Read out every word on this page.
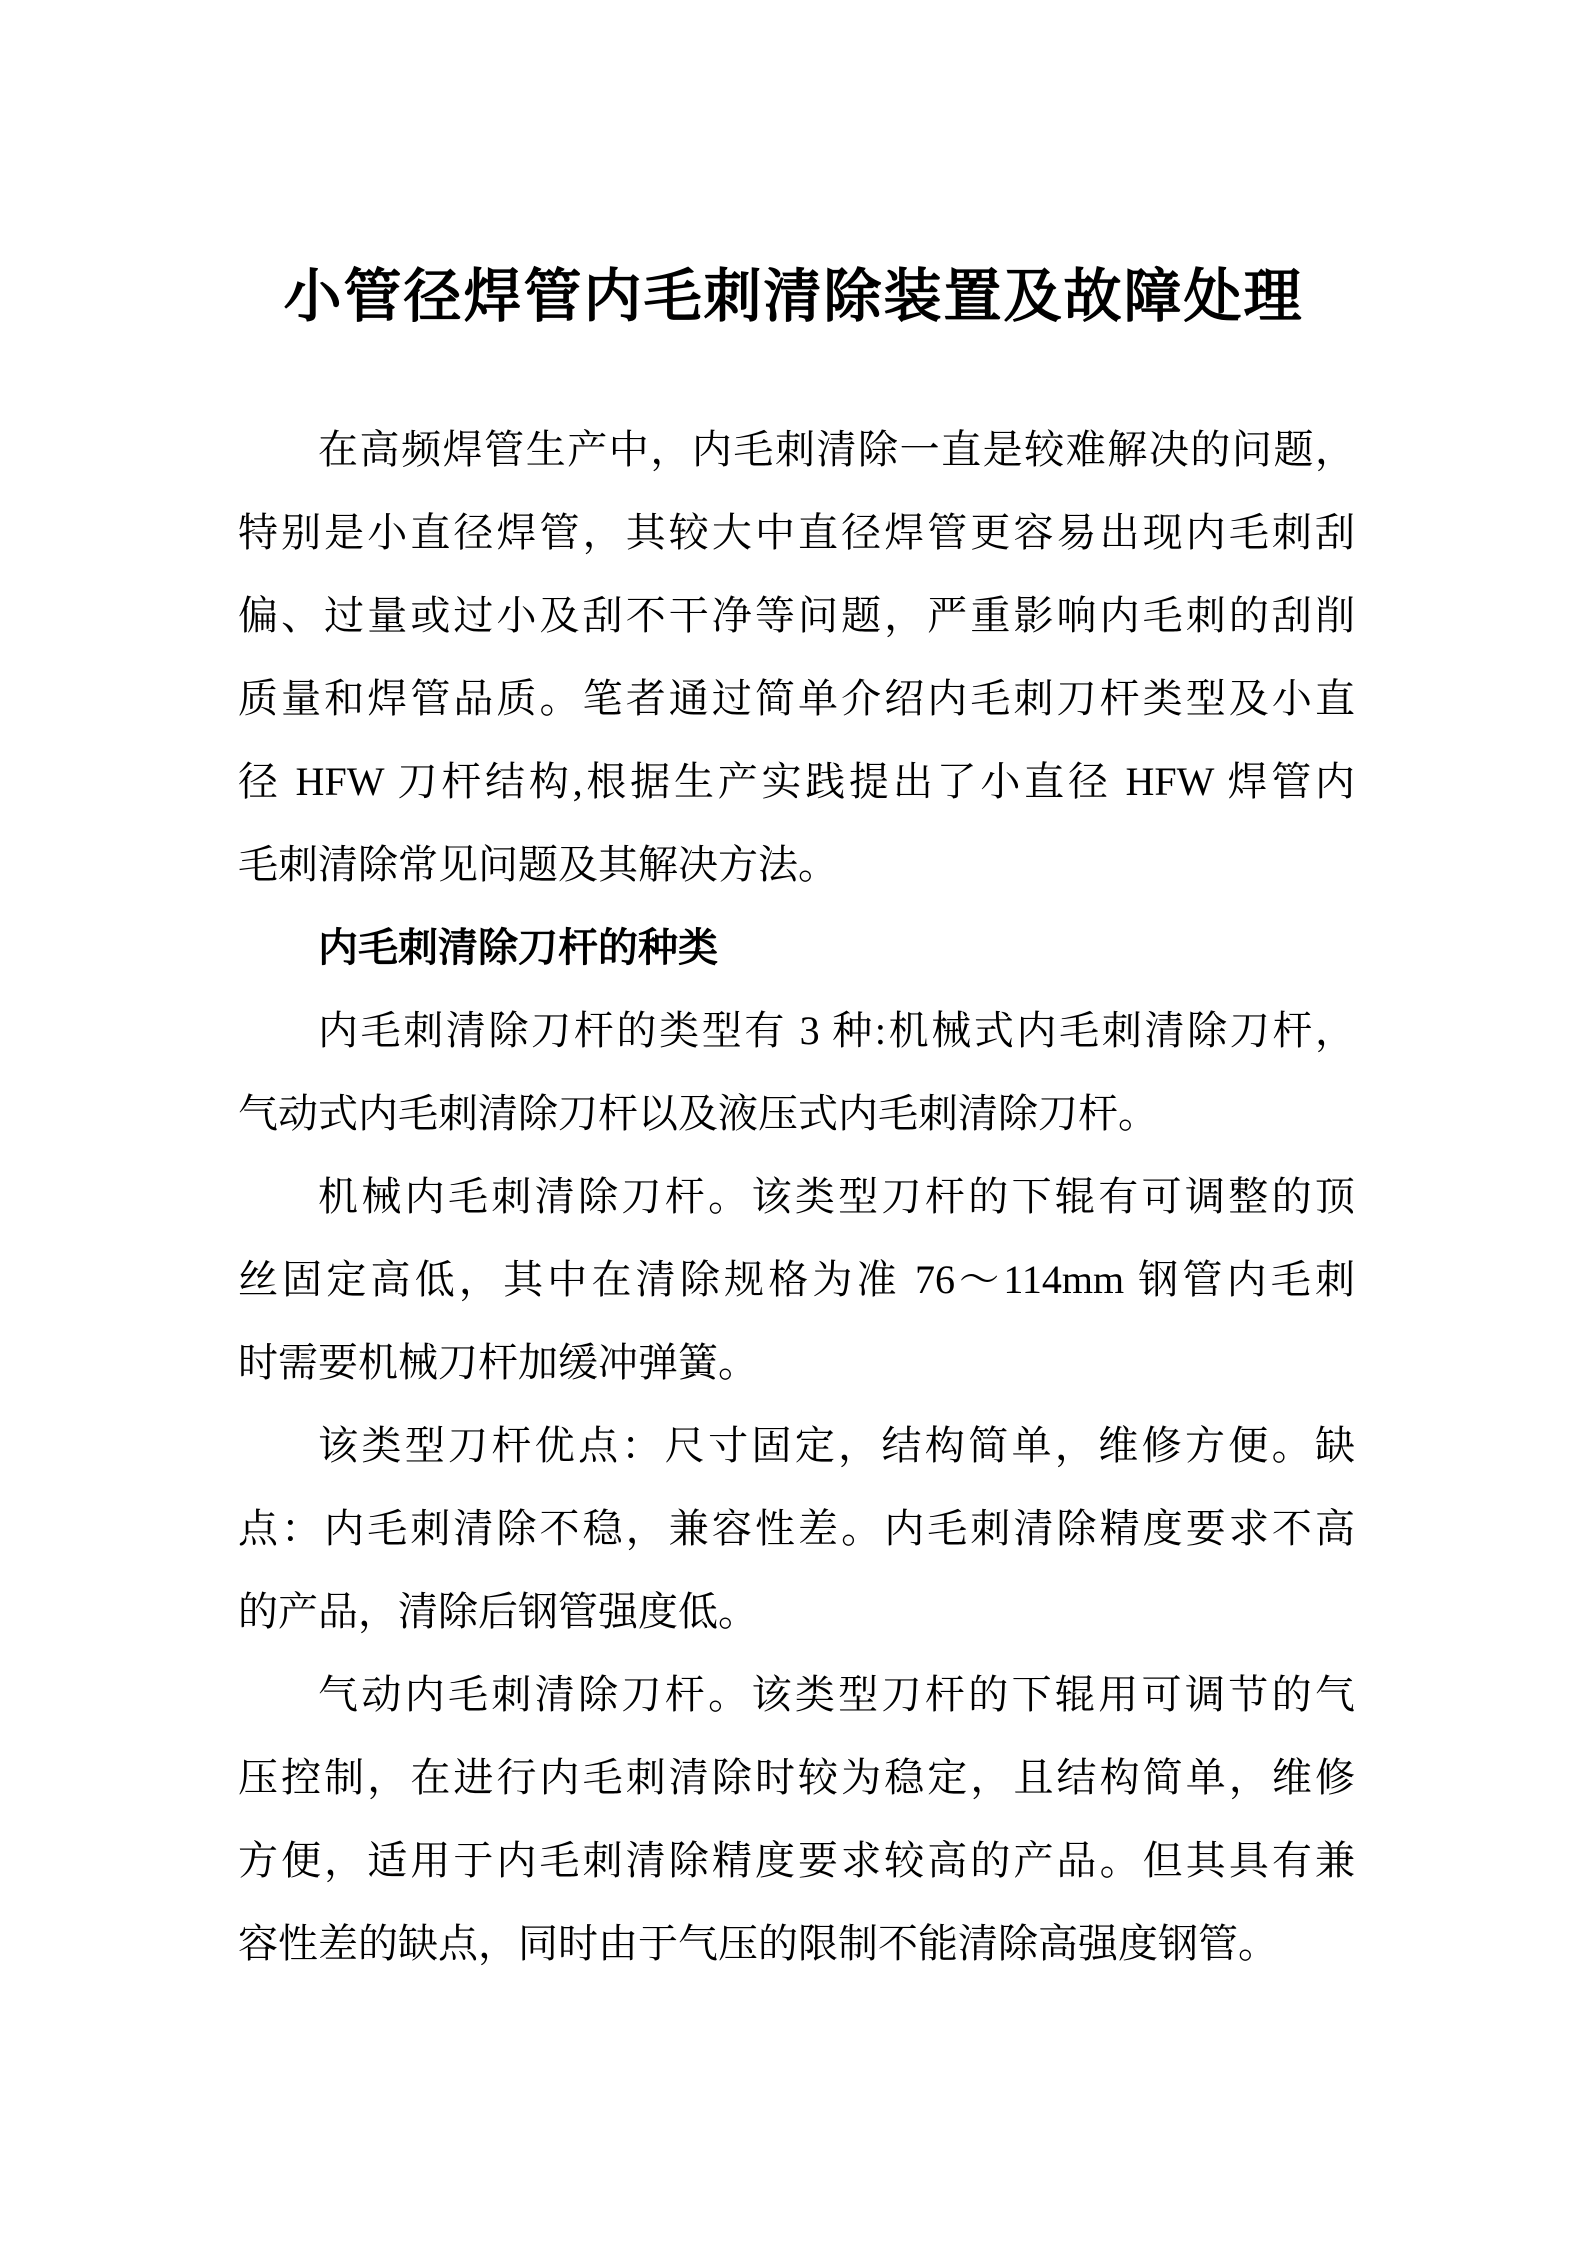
小管径焊管内毛刺清除装置及故障处理
在高频焊管生产中，内毛刺清除一直是较难解决的问题，
特别是小直径焊管，其较大中直径焊管更容易出现内毛刺刮
偏、过量或过小及刮不干净等问题，严重影响内毛刺的刮削
质量和焊管品质。笔者通过简单介绍内毛刺刀杆类型及小直
径 HFW 刀杆结构,根据生产实践提出了小直径 HFW 焊管内
毛刺清除常见问题及其解决方法。
内毛刺清除刀杆的种类
内毛刺清除刀杆的类型有 3 种:机械式内毛刺清除刀杆，
气动式内毛刺清除刀杆以及液压式内毛刺清除刀杆。
机械内毛刺清除刀杆。该类型刀杆的下辊有可调整的顶
丝固定高低，其中在清除规格为准 76～114mm 钢管内毛刺
时需要机械刀杆加缓冲弹簧。
该类型刀杆优点：尺寸固定，结构简单，维修方便。缺
点：内毛刺清除不稳，兼容性差。内毛刺清除精度要求不高
的产品，清除后钢管强度低。
气动内毛刺清除刀杆。该类型刀杆的下辊用可调节的气
压控制，在进行内毛刺清除时较为稳定，且结构简单，维修
方便，适用于内毛刺清除精度要求较高的产品。但其具有兼
容性差的缺点，同时由于气压的限制不能清除高强度钢管。
